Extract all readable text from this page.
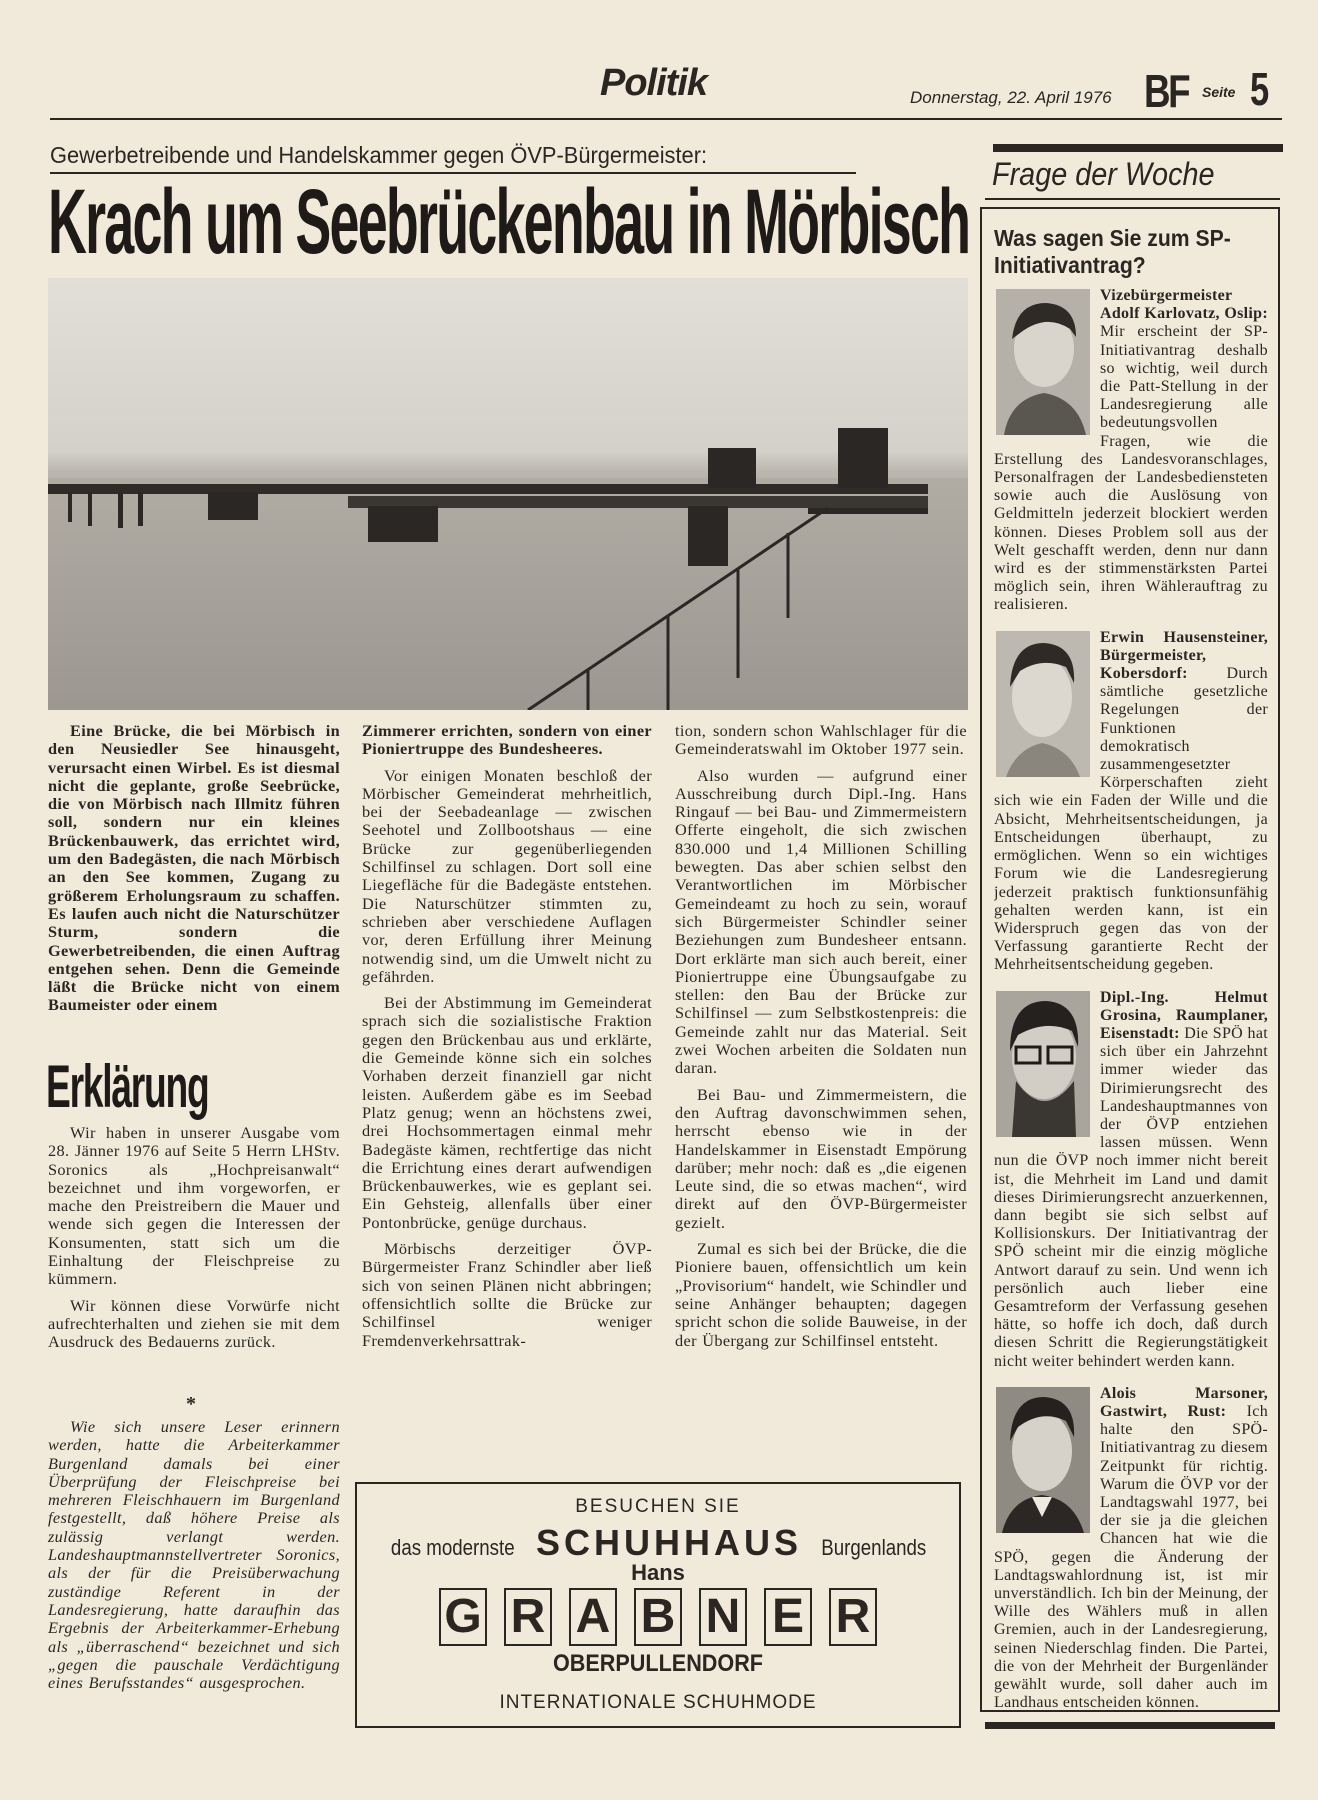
Politik	Donnerstag, 22. April 1976 BF Seite 5
Gewerbetreibende und Handelskammer gegen ÖVP-Bürgermeister:
Krach um Seebrückenbau in Mörbisch

Eine Brücke, die bei Mörbisch in den Neusiedler See hinausgeht, verursacht einen Wirbel. Es ist diesmal nicht die geplante, große Seebrücke, die von Mörbisch nach Illmitz führen soll, sondern nur ein kleines Brückenbauwerk, das errichtet wird, um den Badegästen, die nach Mörbisch an den See kommen, Zugang zu größerem Erholungsraum zu schaffen. Es laufen auch nicht die Naturschützer Sturm, sondern die Gewerbetreibenden, die einen Auftrag entgehen sehen. Denn die Gemeinde läßt die Brücke nicht von einem Baumeister oder einem

Zimmerer errichten, sondern von einer Pioniertruppe des Bundesheeres.

Vor einigen Monaten beschloß der Mörbischer Gemeinderat mehrheitlich, bei der Seebadeanlage — zwischen Seehotel und Zollbootshaus — eine Brücke zur gegenüberliegenden Schilfinsel zu schlagen. Dort soll eine Liegefläche für die Badegäste entstehen. Die Naturschützer stimmten zu, schrieben aber verschiedene Auflagen vor, deren Erfüllung ihrer Meinung notwendig sind, um die Umwelt nicht zu gefährden.

Bei der Abstimmung im Gemeinderat sprach sich die sozialistische Fraktion gegen den Brückenbau aus und erklärte, die Gemeinde könne sich ein solches Vorhaben derzeit finanziell gar nicht leisten. Außerdem gäbe es im Seebad Platz genug; wenn an höchstens zwei, drei Hochsommertagen einmal mehr Badegäste kämen, rechtfertige das nicht die Errichtung eines derart aufwendigen Brückenbauwerkes, wie es geplant sei. Ein Gehsteig, allenfalls über einer Pontonbrücke, genüge durchaus.

Mörbischs derzeitiger ÖVP-Bürgermeister Franz Schindler aber ließ sich von seinen Plänen nicht abbringen; offensichtlich sollte die Brücke zur Schilfinsel weniger Fremdenverkehrsattrak-

tion, sondern schon Wahlschlager für die Gemeinderatswahl im Oktober 1977 sein.

Also wurden — aufgrund einer Ausschreibung durch Dipl.-Ing. Hans Ringauf — bei Bau- und Zimmermeistern Offerte eingeholt, die sich zwischen 830.000 und 1,4 Millionen Schilling bewegten. Das aber schien selbst den Verantwortlichen im Mörbischer Gemeindeamt zu hoch zu sein, worauf sich Bürgermeister Schindler seiner Beziehungen zum Bundesheer entsann. Dort erklärte man sich auch bereit, einer Pioniertruppe eine Übungsaufgabe zu stellen: den Bau der Brücke zur Schilfinsel — zum Selbstkostenpreis: die Gemeinde zahlt nur das Material. Seit zwei Wochen arbeiten die Soldaten nun daran.

Bei Bau- und Zimmermeistern, die den Auftrag davonschwimmen sehen, herrscht ebenso wie in der Handelskammer in Eisenstadt Empörung darüber; mehr noch: daß es „die eigenen Leute sind, die so etwas machen“, wird direkt auf den ÖVP-Bürgermeister gezielt.

Zumal es sich bei der Brücke, die die Pioniere bauen, offensichtlich um kein „Provisorium“ handelt, wie Schindler und seine Anhänger behaupten; dagegen spricht schon die solide Bauweise, in der der Übergang zur Schilfinsel entsteht.

Erklärung

Wir haben in unserer Ausgabe vom 28. Jänner 1976 auf Seite 5 Herrn LHStv. Soronics als „Hochpreisanwalt“ bezeichnet und ihm vorgeworfen, er mache den Preistreibern die Mauer und wende sich gegen die Interessen der Konsumenten, statt sich um die Einhaltung der Fleischpreise zu kümmern.

Wir können diese Vorwürfe nicht aufrechterhalten und ziehen sie mit dem Ausdruck des Bedauerns zurück.

*

Wie sich unsere Leser erinnern werden, hatte die Arbeiterkammer Burgenland damals bei einer Überprüfung der Fleischpreise bei mehreren Fleischhauern im Burgenland festgestellt, daß höhere Preise als zulässig verlangt werden. Landeshauptmannstellvertreter Soronics, als der für die Preisüberwachung zuständige Referent in der Landesregierung, hatte daraufhin das Ergebnis der Arbeiterkammer-Erhebung als „überraschend“ bezeichnet und sich „gegen die pauschale Verdächtigung eines Berufsstandes“ ausgesprochen.

BESUCHEN SIE
das modernste SCHUHHAUS Burgenlands
Hans
G R A B N E R
OBERPULLENDORF
INTERNATIONALE SCHUHMODE
Frage der Woche
Was sagen Sie zum SP-Initiativantrag?
Vizebürgermeister Adolf Karlovatz, Oslip: Mir erscheint der SP-Initiativantrag deshalb so wichtig, weil durch die Patt-Stellung in der Landesregierung alle bedeutungsvollen Fragen, wie die Erstellung des Landesvoranschlages, Personalfragen der Landesbediensteten sowie auch die Auslösung von Geldmitteln jederzeit blockiert werden können. Dieses Problem soll aus der Welt geschafft werden, denn nur dann wird es der stimmenstärksten Partei möglich sein, ihren Wählerauftrag zu realisieren.
Erwin Hausensteiner, Bürgermeister, Kobersdorf: Durch sämtliche gesetzliche Regelungen der Funktionen demokratisch zusammengesetzter Körperschaften zieht sich wie ein Faden der Wille und die Absicht, Mehrheitsentscheidungen, ja Entscheidungen überhaupt, zu ermöglichen. Wenn so ein wichtiges Forum wie die Landesregierung jederzeit praktisch funktionsunfähig gehalten werden kann, ist ein Widerspruch gegen das von der Verfassung garantierte Recht der Mehrheitsentscheidung gegeben.
Dipl.-Ing. Helmut Grosina, Raumplaner, Eisenstadt: Die SPÖ hat sich über ein Jahrzehnt immer wieder das Dirimierungsrecht des Landeshauptmannes von der ÖVP entziehen lassen müssen. Wenn nun die ÖVP noch immer nicht bereit ist, die Mehrheit im Land und damit dieses Dirimierungsrecht anzuerkennen, dann begibt sie sich selbst auf Kollisionskurs. Der Initiativantrag der SPÖ scheint mir die einzig mögliche Antwort darauf zu sein. Und wenn ich persönlich auch lieber eine Gesamtreform der Verfassung gesehen hätte, so hoffe ich doch, daß durch diesen Schritt die Regierungstätigkeit nicht weiter behindert werden kann.
Alois Marsoner, Gastwirt, Rust: Ich halte den SPÖ-Initiativantrag zu diesem Zeitpunkt für richtig. Warum die ÖVP vor der Landtagswahl 1977, bei der sie ja die gleichen Chancen hat wie die SPÖ, gegen die Änderung der Landtagswahlordnung ist, ist mir unverständlich. Ich bin der Meinung, der Wille des Wählers muß in allen Gremien, auch in der Landesregierung, seinen Niederschlag finden. Die Partei, die von der Mehrheit der Burgenländer gewählt wurde, soll daher auch im Landhaus entscheiden können.
